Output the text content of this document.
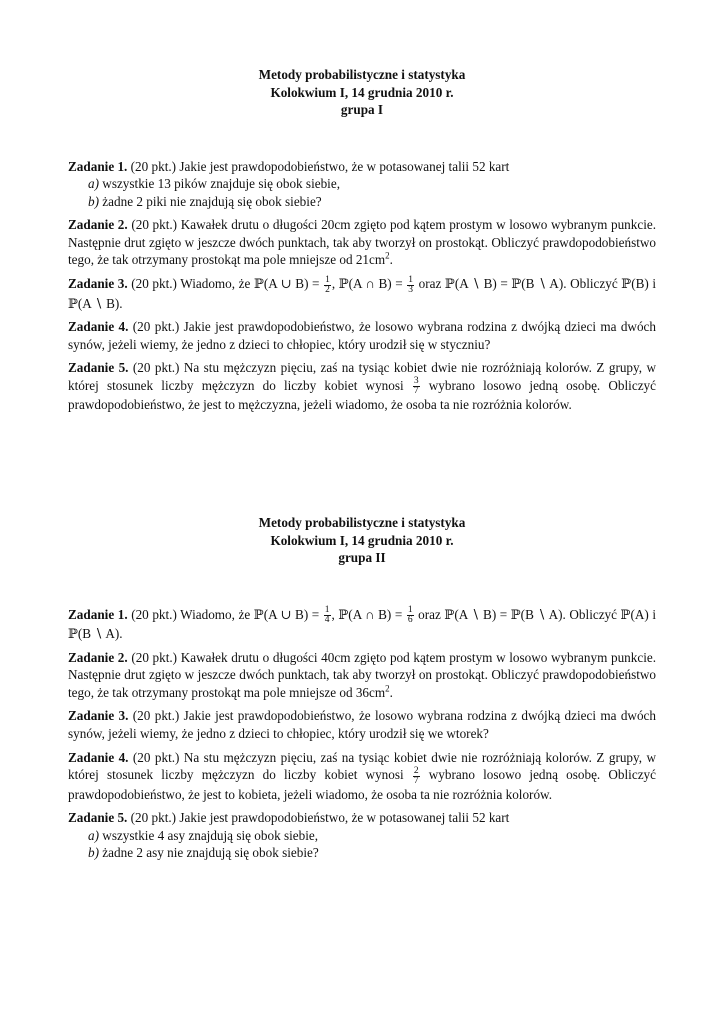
Metody probabilistyczne i statystyka
Kolokwium I, 14 grudnia 2010 r.
grupa I
Zadanie 1. (20 pkt.) Jakie jest prawdopodobieństwo, że w potasowanej talii 52 kart
a) wszystkie 13 pików znajduje się obok siebie,
b) żadne 2 piki nie znajdują się obok siebie?
Zadanie 2. (20 pkt.) Kawałek drutu o długości 20cm zgięto pod kątem prostym w losowo wybranym punkcie. Następnie drut zgięto w jeszcze dwóch punktach, tak aby tworzył on prostokąt. Obliczyć prawdopodobieństwo tego, że tak otrzymany prostokąt ma pole mniejsze od $21cm^2$.
Zadanie 3. (20 pkt.) Wiadomo, że ℙ(A ∪ $B) = \frac{1}{2}$ , ℙ(A ∩ $B) = \frac{1}{3}$ oraz ℙ(A ∖ B) = ℙ(B ∖ A). Obliczyć ℙ(B) i ℙ(A ∖ B).
Zadanie 4. (20 pkt.) Jakie jest prawdopodobieństwo, że losowo wybrana rodzina z dwójką dzieci ma dwóch synów, jeżeli wiemy, że jedno z dzieci to chłopiec, który urodził się w styczniu?
Zadanie 5. (20 pkt.) Na stu mężczyzn pięciu, zaś na tysiąc kobiet dwie nie rozróżniają kolorów. Z grupy, w której stosunek liczby mężczyzn do liczby kobiet wynosi $\frac{3}{7}$ wybrano losowo jedną osobę. Obliczyć prawdopodobieństwo, że jest to mężczyzna, jeżeli wiadomo, że osoba ta nie rozróżnia kolorów.
Metody probabilistyczne i statystyka
Kolokwium I, 14 grudnia 2010 r.
grupa II
Zadanie 1. (20 pkt.) Wiadomo, że ℙ(A ∪ $B) = \frac{1}{4}$ , ℙ(A ∩ $B) = \frac{1}{6}$ oraz ℙ(A ∖ B) = ℙ(B ∖ A). Obliczyć ℙ(A) i ℙ(B ∖ A).
Zadanie 2. (20 pkt.) Kawałek drutu o długości 40cm zgięto pod kątem prostym w losowo wybranym punkcie. Następnie drut zgięto w jeszcze dwóch punktach, tak aby tworzył on prostokąt. Obliczyć prawdopodobieństwo tego, że tak otrzymany prostokąt ma pole mniejsze od $36cm^2$.
Zadanie 3. (20 pkt.) Jakie jest prawdopodobieństwo, że losowo wybrana rodzina z dwójką dzieci ma dwóch synów, jeżeli wiemy, że jedno z dzieci to chłopiec, który urodził się we wtorek?
Zadanie 4. (20 pkt.) Na stu mężczyzn pięciu, zaś na tysiąc kobiet dwie nie rozróżniają kolorów. Z grupy, w której stosunek liczby mężczyzn do liczby kobiet wynosi $\frac{2}{7}$ wybrano losowo jedną osobę. Obliczyć prawdopodobieństwo, że jest to kobieta, jeżeli wiadomo, że osoba ta nie rozróżnia kolorów.
Zadanie 5. (20 pkt.) Jakie jest prawdopodobieństwo, że w potasowanej talii 52 kart
a) wszystkie 4 asy znajdują się obok siebie,
b) żadne 2 asy nie znajdują się obok siebie?
